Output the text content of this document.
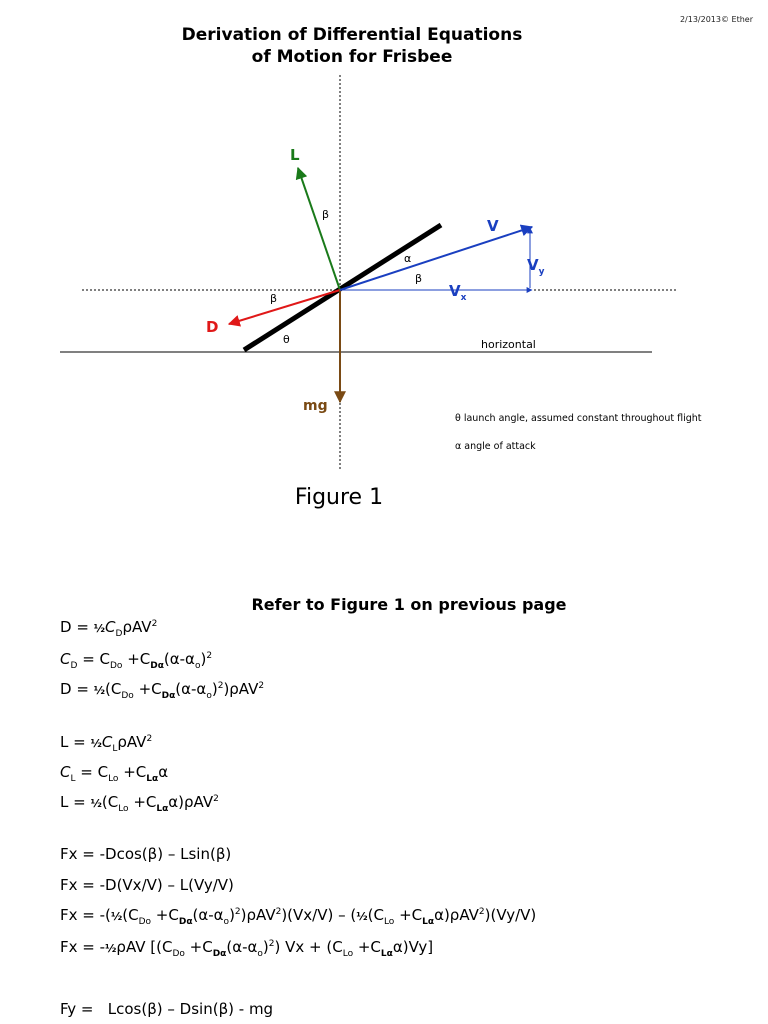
2/13/2013© Ether
Derivation of Differential Equations
of Motion for Frisbee
L
D
mg
V
$V_y$
$V_x$
β
α
β
β
θ	horizontal
θ launch angle, assumed constant throughout flight
α angle of attack
Figure 1
Refer to Figure 1 on previous page
$D = \frac{1}{2}C_D\rho AV^2$
$C_D = C_{Do} +C_{D\alpha}(\alpha-\alpha_o)^2$
$D = \frac{1}{2}(C_{Do} +C_{D\alpha}(\alpha-\alpha_o)^2)\rho AV^2$
$L = \frac{1}{2}C_L\rho AV^2$
$C_L = C_{Lo} +C_{L\alpha}\alpha$
$L = \frac{1}{2}(C_{Lo} +C_{L\alpha}\alpha)\rho AV^2$
Fx = -Dcos(β) – Lsin(β)
Fx = -D(Vx/V) – L(Vy/V)
$Fx = -(\frac{1}{2}(C_{Do} +C_{D\alpha}(\alpha-\alpha_o)^2)\rho AV^2)(Vx/V)$ – $(\frac{1}{2}(C_{Lo} +C_{L\alpha}\alpha)\rho AV^2)(Vy/V)$
Fx = -½ρAV $[(C_{Do} +C_{D\alpha}(\alpha-\alpha_o)^2) Vx + (C_{Lo} +C_{L\alpha}\alpha)Vy]$
Fy =   Lcos(β) – Dsin(β) - mg
